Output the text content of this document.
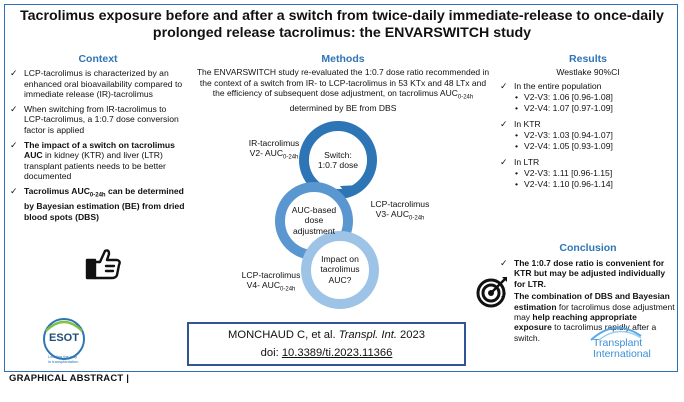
Tacrolimus exposure before and after a switch from twice-daily immediate-release to once-daily
prolonged release tacrolimus: the ENVARSWITCH study
Context	Methods	Results
✓ LCP-tacrolimus is characterized by an enhanced oral bioavailability compared to immediate release (IR)-tacrolimus
✓ When switching from IR-tacrolimus to LCP-tacrolimus, a 1:0.7 dose conversion factor is applied
✓ The impact of a switch on tacrolimus AUC in kidney (KTR) and liver (LTR) transplant patients needs to be better documented
✓ Tacrolimus $AUC_{0-24h}$ can be determined by Bayesian estimation (BE) from dried blood spots (DBS)
The ENVARSWITCH study re-evaluated the 1:0.7 dose ratio recommended in the context of a switch from IR- to LCP-tacrolimus in 53 KTx and 48 LTx and the efficiency of subsequent dose adjustment, on tacrolimus $AUC_{0-24h}$ determined by BE from DBS
IR-tacrolimus
V2- $AUC_{0-24h}$	Switch:
1:0.7 dose
LCP-tacrolimus
V3- $AUC_{0-24h}$
AUC-based
dose
adjustment
LCP-tacrolimus
V4- $AUC_{0-24h}$
Impact on
tacrolimus
AUC?
Westlake 90%CI
✓ In the entire population
• V2-V3: 1.06 [0.96-1.08]
• V2-V4: 1.07 [0.97-1.09]
✓ In KTR
• V2-V3: 1.03 [0.94-1.07]
• V2-V4: 1.05 [0.93-1.09]
✓ In LTR
• V2-V3: 1.11 [0.96-1.15]
• V2-V4: 1.10 [0.96-1.14]
Conclusion
✓ The 1:0.7 dose ratio is convenient for KTR but may be adjusted individually for LTR.
✓ The combination of DBS and Bayesian estimation for tacrolimus dose adjustment may help reaching appropriate exposure to tacrolimus rapidly after a switch.
ESOT
Leading the way
in transplantation
Transplant
International
MONCHAUD C, et al. Transpl. Int. 2023
doi: 10.3389/ti.2023.11366
GRAPHICAL ABSTRACT |
